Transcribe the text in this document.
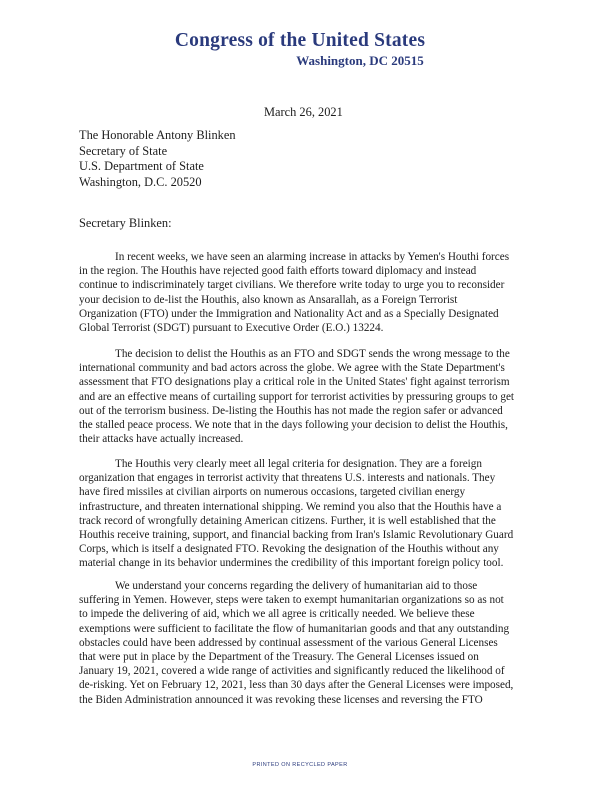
Congress of the United States
Washington, DC 20515
March 26, 2021
The Honorable Antony Blinken
Secretary of State
U.S. Department of State
Washington, D.C. 20520
Secretary Blinken:
In recent weeks, we have seen an alarming increase in attacks by Yemen's Houthi forces
in the region. The Houthis have rejected good faith efforts toward diplomacy and instead
continue to indiscriminately target civilians. We therefore write today to urge you to reconsider
your decision to de-list the Houthis, also known as Ansarallah, as a Foreign Terrorist
Organization (FTO) under the Immigration and Nationality Act and as a Specially Designated
Global Terrorist (SDGT) pursuant to Executive Order (E.O.) 13224.
The decision to delist the Houthis as an FTO and SDGT sends the wrong message to the
international community and bad actors across the globe. We agree with the State Department's
assessment that FTO designations play a critical role in the United States' fight against terrorism
and are an effective means of curtailing support for terrorist activities by pressuring groups to get
out of the terrorism business. De-listing the Houthis has not made the region safer or advanced
the stalled peace process. We note that in the days following your decision to delist the Houthis,
their attacks have actually increased.
The Houthis very clearly meet all legal criteria for designation. They are a foreign
organization that engages in terrorist activity that threatens U.S. interests and nationals. They
have fired missiles at civilian airports on numerous occasions, targeted civilian energy
infrastructure, and threaten international shipping. We remind you also that the Houthis have a
track record of wrongfully detaining American citizens. Further, it is well established that the
Houthis receive training, support, and financial backing from Iran's Islamic Revolutionary Guard
Corps, which is itself a designated FTO. Revoking the designation of the Houthis without any
material change in its behavior undermines the credibility of this important foreign policy tool.
We understand your concerns regarding the delivery of humanitarian aid to those
suffering in Yemen. However, steps were taken to exempt humanitarian organizations so as not
to impede the delivering of aid, which we all agree is critically needed. We believe these
exemptions were sufficient to facilitate the flow of humanitarian goods and that any outstanding
obstacles could have been addressed by continual assessment of the various General Licenses
that were put in place by the Department of the Treasury. The General Licenses issued on
January 19, 2021, covered a wide range of activities and significantly reduced the likelihood of
de-risking. Yet on February 12, 2021, less than 30 days after the General Licenses were imposed,
the Biden Administration announced it was revoking these licenses and reversing the FTO
PRINTED ON RECYCLED PAPER
